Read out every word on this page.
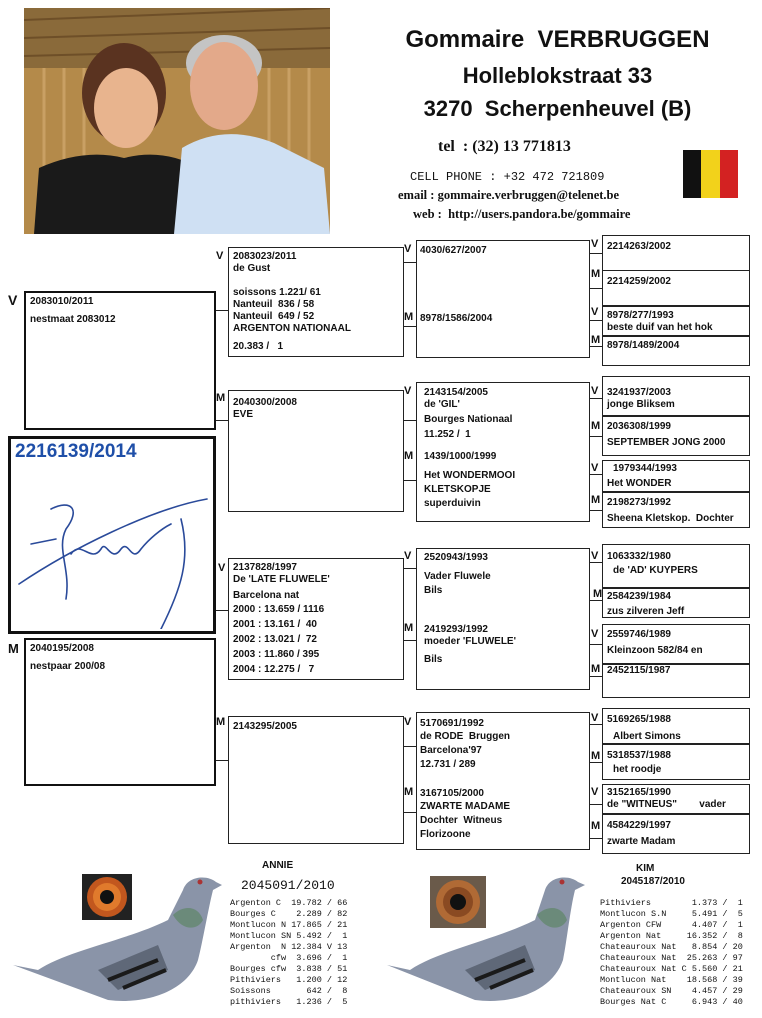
Gommaire  VERBRUGGEN
Holleblokstraat 33
3270  Scherpenheuvel (B)
tel  : (32) 13 771813
CELL PHONE : +32 472 721809
email : gommaire.verbruggen@telenet.be
web :  http://users.pandora.be/gommaire
V 2083010/2011
nestmaat 2083012
2216139/2014
M 2040195/2008
nestpaar 200/08
V 2083023/2011
de Gust
soissons 1.221/ 61
Nanteuil  836 / 58
Nanteuil  649 / 52
ARGENTON NATIONAAL
20.383 /   1
M 2040300/2008
EVE
V 2137828/1997
De 'LATE FLUWELE'
Barcelona nat
2000 : 13.659 / 1116
2001 : 13.161 /  40
2002 : 13.021 /  72
2003 : 11.860 / 395
2004 : 12.275 /   7
M 2143295/2005
V 4030/627/2007
M 8978/1586/2004
V 2143154/2005
de 'GIL'
Bourges Nationaal
11.252 /  1
M 1439/1000/1999
Het WONDERMOOI
KLETSKOPJE
superduivin
V 2520943/1993
Vader Fluwele
Bils
M 2419293/1992
moeder 'FLUWELE'
Bils
V 5170691/1992
de RODE  Bruggen
Barcelona'97
12.731 / 289
M 3167105/2000
ZWARTE MADAME
Dochter  Witneus
Florizoone
2214263/2002
V
2214259/2002
M
8978/277/1993
beste duif van het hok
V
8978/1489/2004
M
3241937/2003
jonge Bliksem
V
2036308/1999
SEPTEMBER JONG 2000
M
1979344/1993
Het WONDER
V
2198273/1992
Sheena Kletskop.  Dochter
M
1063332/1980
de 'AD' KUYPERS
V
2584239/1984
zus zilveren Jeff
M
2559746/1989
Kleinzoon 582/84 en
V
2452115/1987
M
5169265/1988
Albert Simons
V
5318537/1988
het roodje
M
3152165/1990
de "WITNEUS"        vader
V
4584229/1997
zwarte Madam
M
ANNIE
2045091/2010
Argenton C  19.782 / 66
Bourges C    2.289 / 82
Montlucon N 17.865 / 21
Montlucon SN 5.492 /  1
Argenton  N 12.384 V 13
cfw  3.696 /  1
Bourges cfw  3.838 / 51
Pithiviers   1.200 / 12
Soissons       642 /  8
pithiviers   1.236 /  5
KIM
2045187/2010
Pithiviers        1.373 /  1
Montlucon S.N     5.491 /  5
Argenton CFW      4.407 /  1
Argenton Nat     16.352 /  8
Chateauroux Nat   8.854 / 20
Chateauroux Nat  25.263 / 97
Chateauroux Nat C 5.560 / 21
Montlucon Nat    18.568 / 39
Chateauroux SN    4.457 / 29
Bourges Nat C     6.943 / 40
